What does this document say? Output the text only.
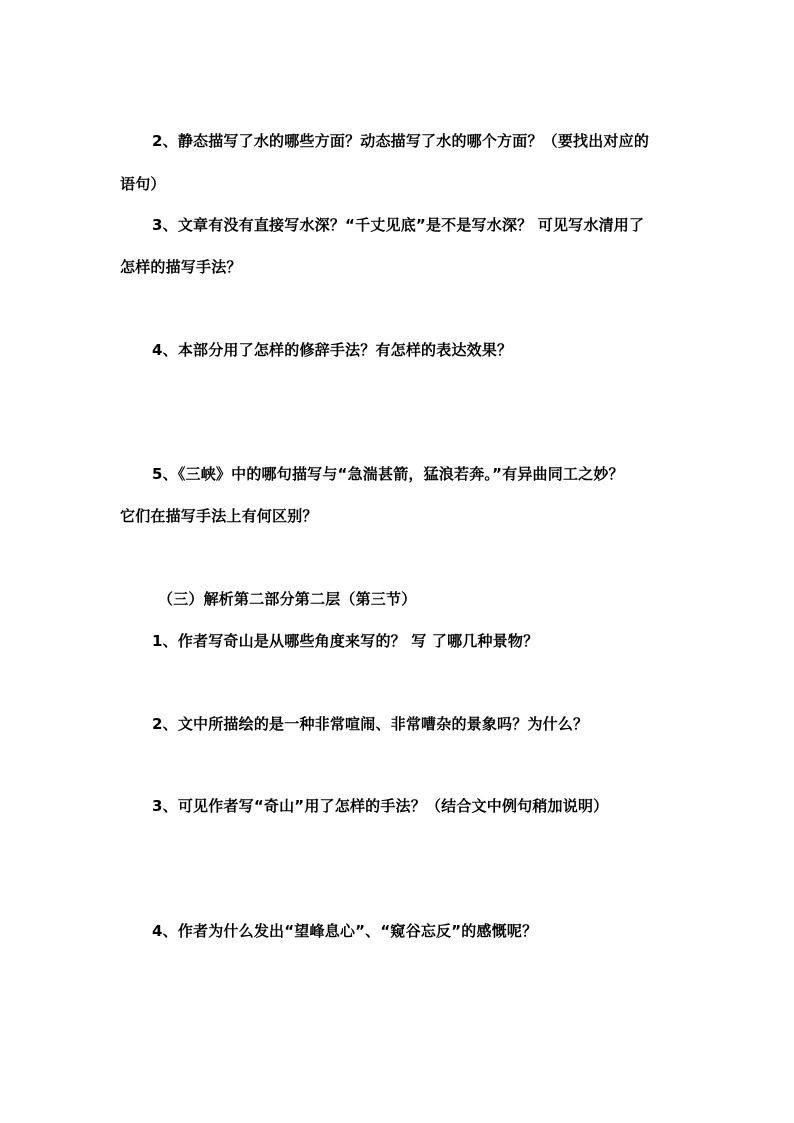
2、静态描写了水的哪些方面？动态描写了水的哪个方面？（要找出对应的
语句）
3、文章有没有直接写水深？“千丈见底”是不是写水深？ 可见写水清用了
怎样的描写手法？
4、本部分用了怎样的修辞手法？有怎样的表达效果？
5、《三峡》中的哪句描写与“急湍甚箭，猛浪若奔。”有异曲同工之妙？
它们在描写手法上有何区别？
（三）解析第二部分第二层（第三节）
1、作者写奇山是从哪些角度来写的？ 写 了哪几种景物？
2、文中所描绘的是一种非常喧闹、非常嘈杂的景象吗？为什么？
3、可见作者写“奇山”用了怎样的手法？（结合文中例句稍加说明）
4、作者为什么发出“望峰息心”、“窥谷忘反”的感慨呢？
